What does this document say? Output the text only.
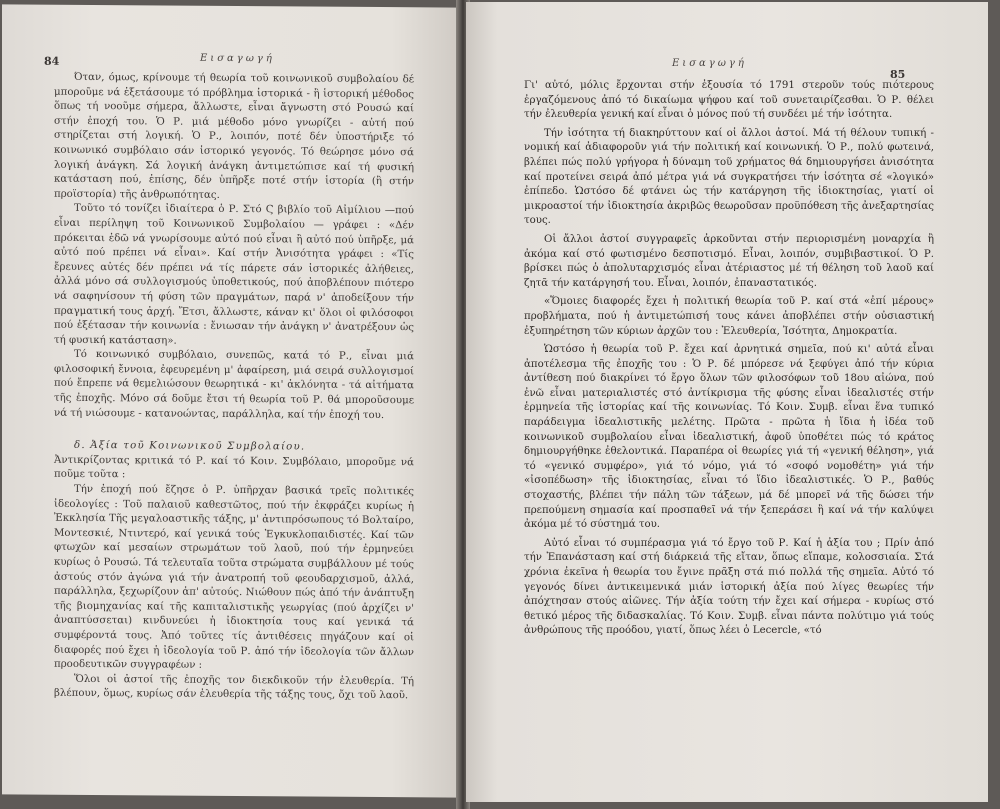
84	Εισαγωγή

Όταν, όμως, κρίνουμε τή θεωρία τοῦ κοινωνικοῦ συμβολαίου δέ μποροῦμε νά ἐξετάσουμε τό πρόβλημα ἱστορικά - ἢ ἱστορική μέθοδος ὅπως τή νοοῦμε σήμερα, ἄλλωστε, εἶναι ἄγνωστη στό Ρουσώ καί στήν ἐποχή του. Ὁ Ρ. μιά μέθοδο μόνο γνωρίζει - αὐτή πού στηρίζεται στή λογική. Ὁ Ρ., λοιπόν, ποτέ δέν ὑποστήριξε τό κοινωνικό συμβόλαιο σάν ἱστορικό γεγονός. Τό θεώρησε μόνο σά λογική ἀνάγκη. Σά λογική ἀνάγκη ἀντιμετώπισε καί τή φυσική κατάσταση πού, ἐπίσης, δέν ὑπῆρξε ποτέ στήν ἱστορία (ἢ στήν προϊστορία) τῆς ἀνθρωπότητας.

Τοῦτο τό τονίζει ἰδιαίτερα ὁ Ρ. Στό Ϛ βιβλίο τοῦ Αἰμίλιου —πού εἶναι περίληψη τοῦ Κοινωνικοῦ Συμβολαίου — γράφει : «Δέν πρόκειται ἐδῶ νά γνωρίσουμε αὐτό πού εἶναι ἢ αὐτό πού ὑπῆρξε, μά αὐτό πού πρέπει νά εἶναι». Καί στήν Ἀνισότητα γράφει : «Τίς ἔρευνες αὐτές δέν πρέπει νά τίς πάρετε σάν ἱστορικές ἀλήθειες, ἀλλά μόνο σά συλλογισμούς ὑποθετικούς, πού ἀποβλέπουν πιότερο νά σαφηνίσουν τή φύση τῶν πραγμάτων, παρά ν' ἀποδείξουν τήν πραγματική τους ἀρχή. Ἔτσι, ἄλλωστε, κάναν κι' ὅλοι οἱ φιλόσοφοι πού ἐξέτασαν τήν κοινωνία : ἔνιωσαν τήν ἀνάγκη ν' ἀνατρέξουν ὡς τή φυσική κατάσταση».

Τό κοινωνικό συμβόλαιο, συνεπῶς, κατά τό Ρ., εἶναι μιά φιλοσοφική ἔννοια, ἐφευρεμένη μ' ἀφαίρεση, μιά σειρά συλλογισμοί πού ἔπρεπε νά θεμελιώσουν θεωρητικά - κι' ἀκλόνητα - τά αἰτήματα τῆς ἐποχῆς. Μόνο σά δοῦμε ἔτσι τή θεωρία τοῦ Ρ. θά μποροῦσουμε νά τή νιώσουμε - κατανοώντας, παράλληλα, καί τήν ἐποχή του.

δ. Ἀξία τοῦ Κοινωνικοῦ Συμβολαίου.

Ἀντικρίζοντας κριτικά τό Ρ. καί τό Κοιν. Συμβόλαιο, μποροῦμε νά ποῦμε τοῦτα :

Τήν ἐποχή πού ἔζησε ὁ Ρ. ὑπῆρχαν βασικά τρεῖς πολιτικές ἰδεολογίες : Τοῦ παλαιοῦ καθεστῶτος, πού τήν ἐκφράζει κυρίως ἡ Ἐκκλησία Τῆς μεγαλοαστικῆς τάξης, μ' ἀντιπρόσωπους τό Βολταίρο, Μοντεσκιέ, Ντιντερό, καί γενικά τούς Ἐγκυκλοπαιδιστές. Καί τῶν φτωχῶν καί μεσαίων στρωμάτων τοῦ λαοῦ, πού τήν ἐρμηνεύει κυρίως ὁ Ρουσώ. Τά τελευταῖα τοῦτα στρώματα συμβάλλουν μέ τούς ἀστούς στόν ἀγώνα γιά τήν ἀνατροπή τοῦ φεουδαρχισμοῦ, ἀλλά, παράλληλα, ξεχωρίζουν ἀπ' αὐτούς. Νιώθουν πώς ἀπό τήν ἀνάπτυξη τῆς βιομηχανίας καί τῆς καπιταλιστικῆς γεωργίας (πού ἀρχίζει ν' ἀναπτύσσεται) κινδυνεύει ἡ ἰδιοκτησία τους καί γενικά τά συμφέροντά τους. Ἀπό τοῦτες τίς ἀντιθέσεις πηγάζουν καί οἱ διαφορές πού ἔχει ἡ ἰδεολογία τοῦ Ρ. ἀπό τήν ἰδεολογία τῶν ἄλλων προοδευτικῶν συγγραφέων :

Ὅλοι οἱ ἀστοί τῆς ἐποχῆς τον διεκδικοῦν τήν ἐλευθερία. Τή βλέπουν, ὅμως, κυρίως σάν ἐλευθερία τῆς τάξης τους, ὄχι τοῦ λαοῦ.

Εισαγωγή
85

Γι' αὐτό, μόλις ἔρχονται στήν ἐξουσία τό 1791 στεροῦν τούς πιότερους ἐργαζόμενους ἀπό τό δικαίωμα ψήφου καί τοῦ συνεταιρίζεσθαι. Ὁ Ρ. θέλει τήν ἐλευθερία γενική καί εἶναι ὁ μόνος πού τή συνδέει μέ τήν ἰσότητα.

Τήν ἰσότητα τή διακηρύττουν καί οἱ ἄλλοι ἀστοί. Μά τή θέλουν τυπική - νομική καί ἀδιαφοροῦν γιά τήν πολιτική καί κοινωνική. Ὁ Ρ., πολύ φωτεινά, βλέπει πώς πολύ γρήγορα ἡ δύναμη τοῦ χρήματος θά δημιουργήσει ἀνισότητα καί προτείνει σειρά ἀπό μέτρα γιά νά συγκρατήσει τήν ἰσότητα σέ «λογικό» ἐπίπεδο. Ὡστόσο δέ φτάνει ὡς τήν κατάργηση τῆς ἰδιοκτησίας, γιατί οἱ μικροαστοί τήν ἰδιοκτησία ἀκριβῶς θεωροῦσαν προϋπόθεση τῆς ἀνεξαρτησίας τους.

Οἱ ἄλλοι ἀστοί συγγραφεῖς ἀρκοῦνται στήν περιορισμένη μοναρχία ἢ ἀκόμα καί στό φωτισμένο δεσποτισμό. Εἶναι, λοιπόν, συμβιβαστικοί. Ὁ Ρ. βρίσκει πώς ὁ ἀπολυταρχισμός εἶναι ἀτέριαστος μέ τή θέληση τοῦ λαοῦ καί ζητᾶ τήν κατάργησή του. Εἶναι, λοιπόν, ἐπαναστατικός.

«Ὅμοιες διαφορές ἔχει ἡ πολιτική θεωρία τοῦ Ρ. καί στά «ἐπί μέρους» προβλήματα, πού ἡ ἀντιμετώπισή τους κάνει ἀποβλέπει στήν οὐσιαστική ἐξυπηρέτηση τῶν κύριων ἀρχῶν του : Ἐλευθερία, Ἰσότητα, Δημοκρατία.

Ὡστόσο ἡ θεωρία τοῦ Ρ. ἔχει καί ἀρνητικά σημεῖα, πού κι' αὐτά εἶναι ἀποτέλεσμα τῆς ἐποχῆς του : Ὁ Ρ. δέ μπόρεσε νά ξεφύγει ἀπό τήν κύρια ἀντίθεση πού διακρίνει τό ἔργο ὅλων τῶν φιλοσόφων τοῦ 18ου αἰώνα, πού ἐνῶ εἶναι ματεριαλιστές στό ἀντίκρισμα τῆς φύσης εἶναι ἰδεαλιστές στήν ἑρμηνεία τῆς ἱστορίας καί τῆς κοινωνίας. Τό Κοιν. Συμβ. εἶναι ἕνα τυπικό παράδειγμα ἰδεαλιστικῆς μελέτης. Πρῶτα - πρῶτα ἡ ἴδια ἡ ἰδέα τοῦ κοινωνικοῦ συμβολαίου εἶναι ἰδεαλιστική, ἀφοῦ ὑποθέτει πώς τό κράτος δημιουργήθηκε ἐθελοντικά. Παραπέρα οἱ θεωρίες γιά τή «γενική θέληση», γιά τό «γενικό συμφέρο», γιά τό νόμο, γιά τό «σοφό νομοθέτη» γιά τήν «ἰσοπέδωση» τῆς ἰδιοκτησίας, εἶναι τό ἴδιο ἰδεαλιστικές. Ὁ Ρ., βαθύς στοχαστής, βλέπει τήν πάλη τῶν τάξεων, μά δέ μπορεῖ νά τῆς δώσει τήν πρεπούμενη σημασία καί προσπαθεῖ νά τήν ξεπεράσει ἢ καί νά τήν καλύψει ἀκόμα μέ τό σύστημά του.

Αὐτό εἶναι τό συμπέρασμα γιά τό ἔργο τοῦ Ρ. Καί ἡ ἀξία του ; Πρίν ἀπό τήν Ἐπανάσταση καί στή διάρκειά τῆς εἴταν, ὅπως εἴπαμε, κολοσσιαία. Στά χρόνια ἐκεῖνα ἡ θεωρία του ἔγινε πρᾶξη στά πιό πολλά τῆς σημεῖα. Αὐτό τό γεγονός δίνει ἀντικειμενικά μιάν ἱστορική ἀξία πού λίγες θεωρίες τήν ἀπόχτησαν στούς αἰῶνες. Τήν ἀξία τούτη τήν ἔχει καί σήμερα - κυρίως στό θετικό μέρος τῆς διδασκαλίας. Τό Κοιν. Συμβ. εἶναι πάντα πολύτιμο γιά τούς ἀνθρώπους τῆς προόδου, γιατί, ὅπως λέει ὁ Lecercle, «τό
